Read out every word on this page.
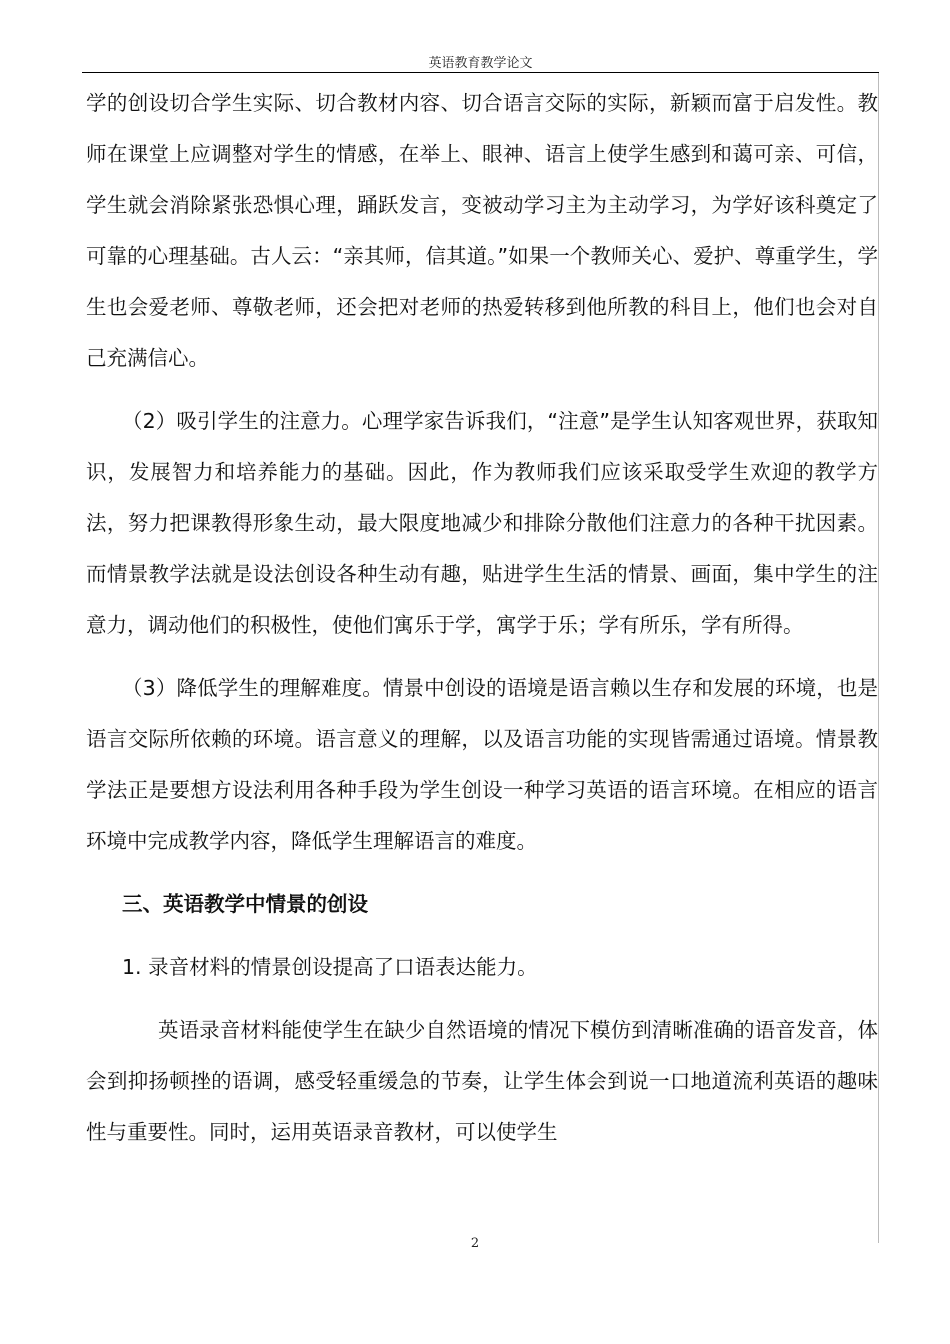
英语教育教学论文

学的创设切合学生实际、切合教材内容、切合语言交际的实际，新颖而富于启发性。教师在课堂上应调整对学生的情感，在举上、眼神、语言上使学生感到和蔼可亲、可信，学生就会消除紧张恐惧心理，踊跃发言，变被动学习主为主动学习，为学好该科奠定了可靠的心理基础。古人云：“亲其师，信其道。”如果一个教师关心、爱护、尊重学生，学生也会爱老师、尊敬老师，还会把对老师的热爱转移到他所教的科目上，他们也会对自己充满信心。

（2）吸引学生的注意力。心理学家告诉我们，“注意”是学生认知客观世界，获取知识，发展智力和培养能力的基础。因此，作为教师我们应该采取受学生欢迎的教学方法，努力把课教得形象生动，最大限度地减少和排除分散他们注意力的各种干扰因素。而情景教学法就是设法创设各种生动有趣，贴进学生生活的情景、画面，集中学生的注意力，调动他们的积极性，使他们寓乐于学，寓学于乐；学有所乐，学有所得。

（3）降低学生的理解难度。情景中创设的语境是语言赖以生存和发展的环境，也是语言交际所依赖的环境。语言意义的理解，以及语言功能的实现皆需通过语境。情景教学法正是要想方设法利用各种手段为学生创设一种学习英语的语言环境。在相应的语言环境中完成教学内容，降低学生理解语言的难度。

三、英语教学中情景的创设

1. 录音材料的情景创设提高了口语表达能力。

英语录音材料能使学生在缺少自然语境的情况下模仿到清晰准确的语音发音，体会到抑扬顿挫的语调，感受轻重缓急的节奏，让学生体会到说一口地道流利英语的趣味性与重要性。同时，运用英语录音教材，可以使学生

2
